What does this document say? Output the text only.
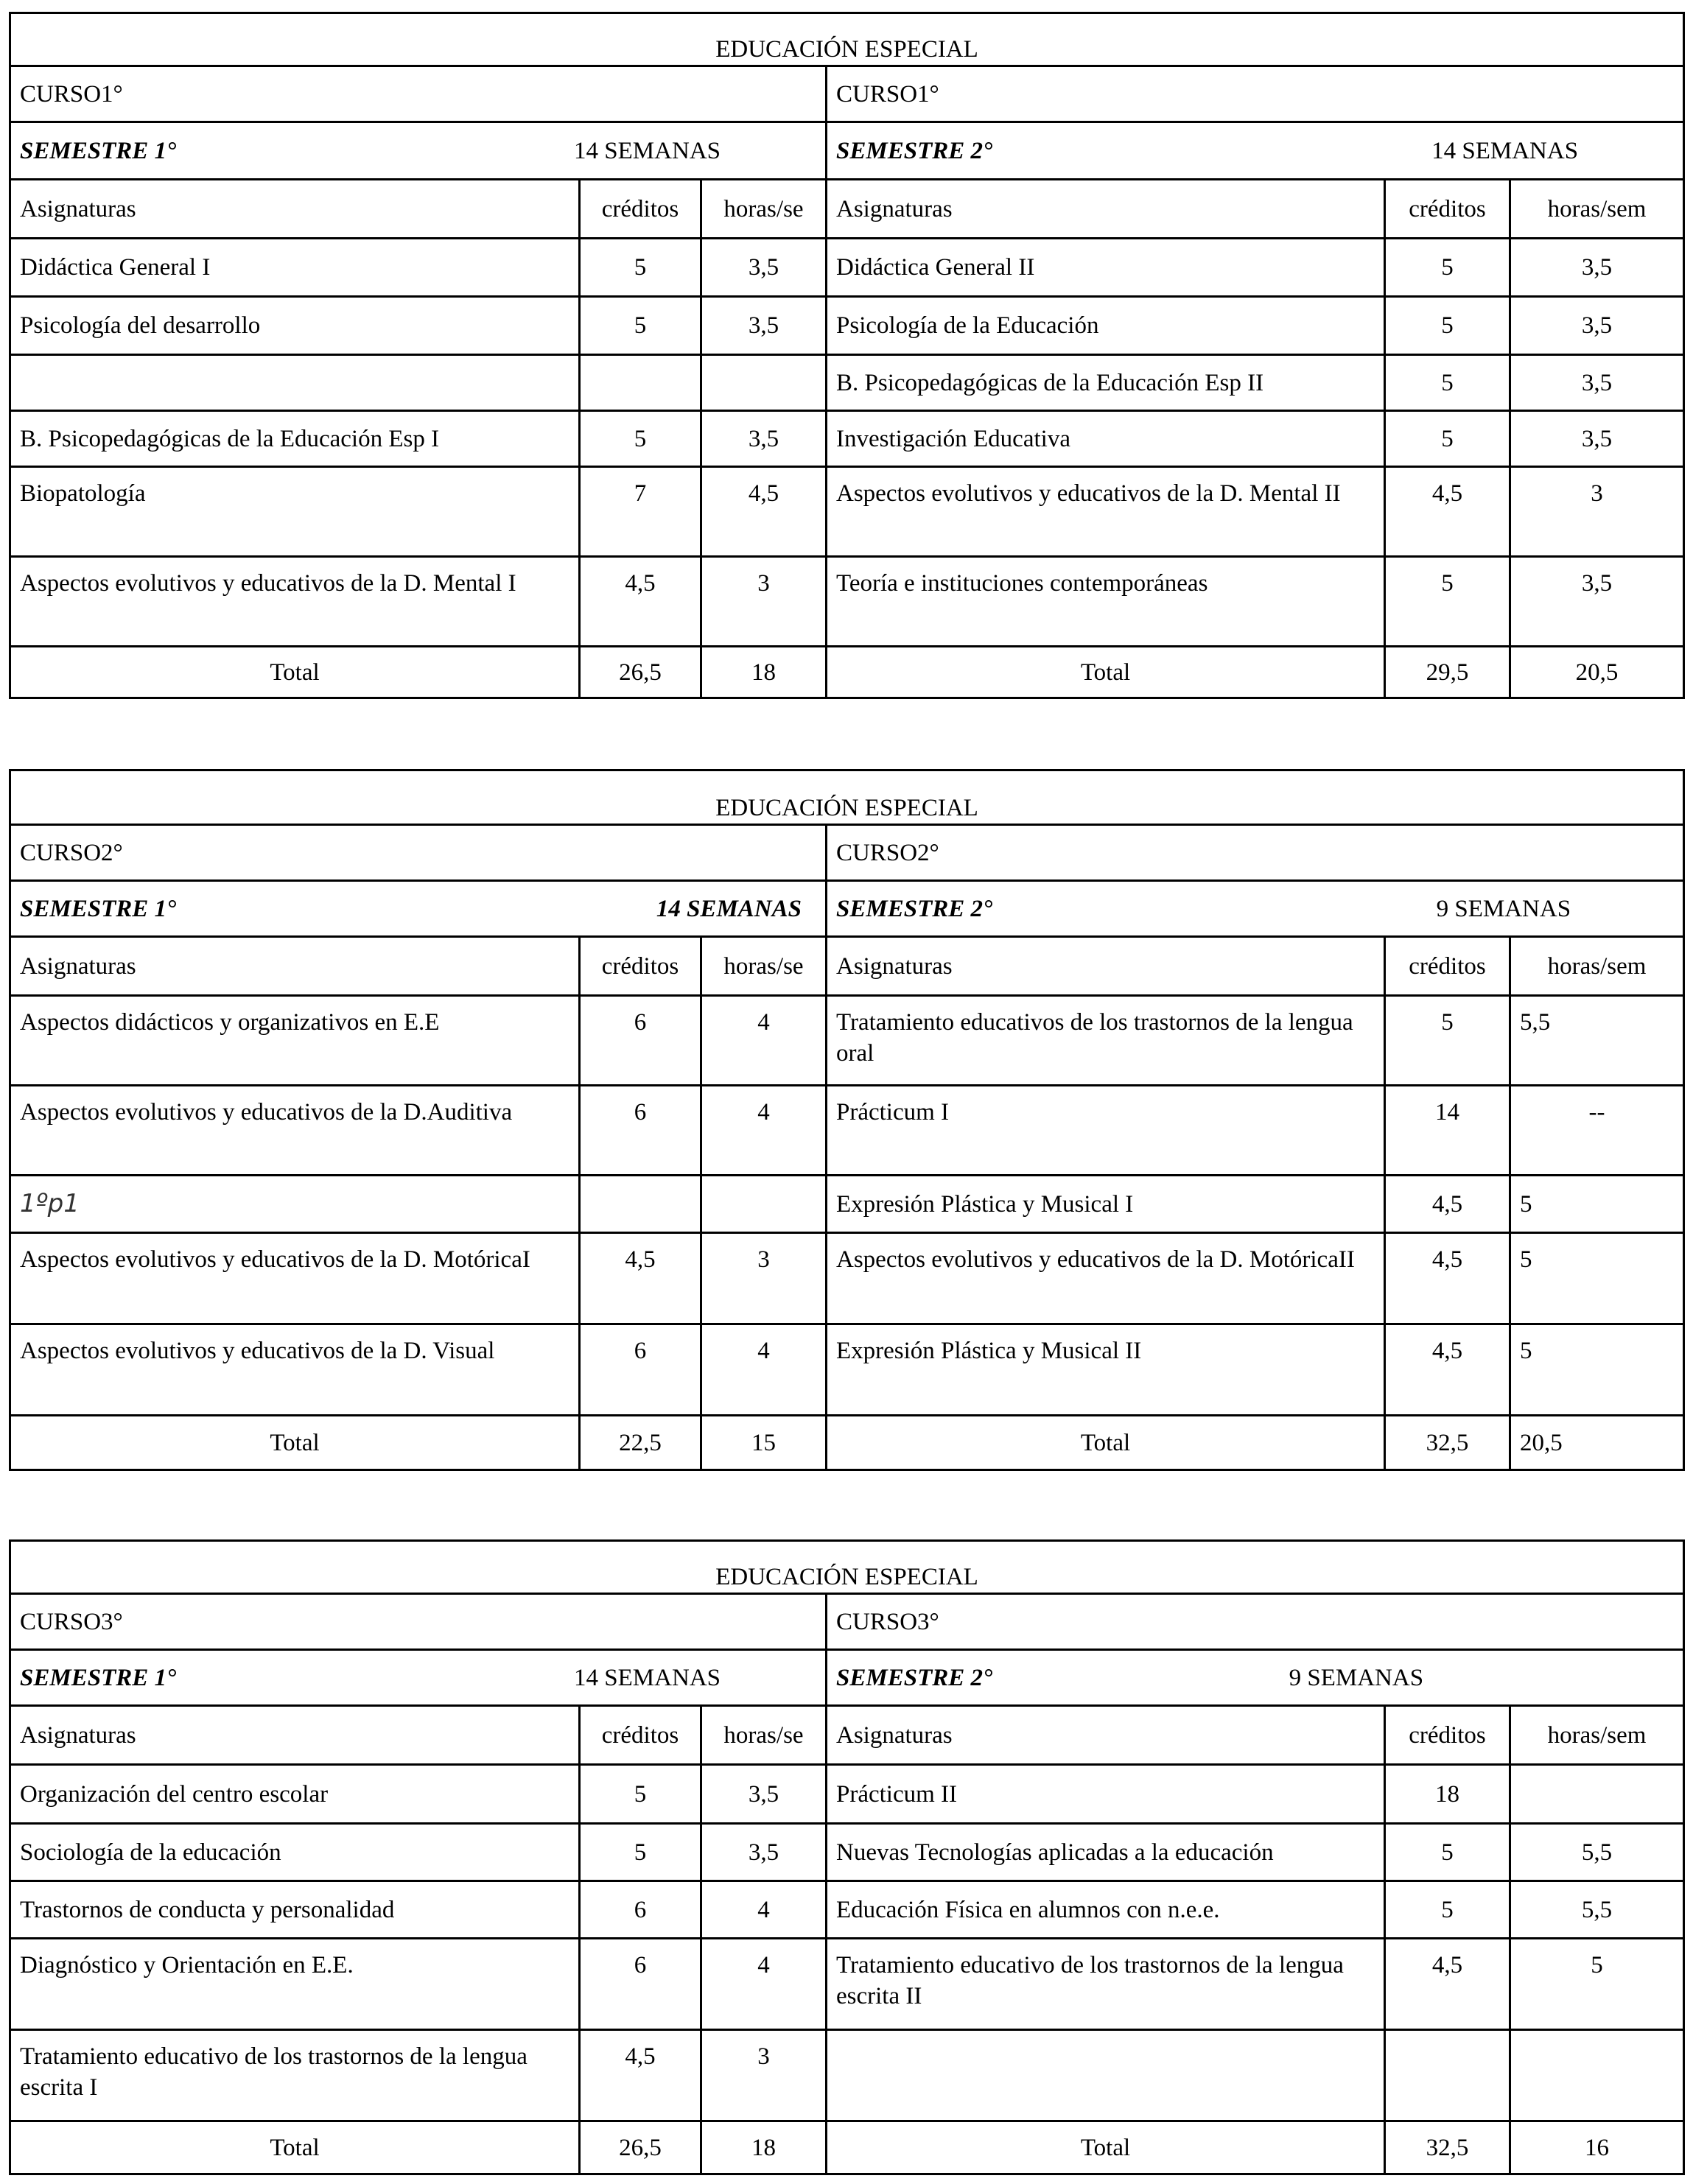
EDUCACIÓN ESPECIAL					
CURSO1°			CURSO1°		

SEMESTRE 1° 14 SEMANAS			SEMESTRE 2° 14 SEMANAS		

Asignaturas	créditos	horas/se	Asignaturas	créditos	horas/sem
Didáctica General I	5	3,5	Didáctica General II	5	3,5
Psicología del desarrollo	5	3,5	Psicología de la Educación	5	3,5
			B. Psicopedagógicas de la Educación Esp II	5	3,5
B. Psicopedagógicas de la Educación Esp I	5	3,5	Investigación Educativa	5	3,5
Biopatología	7	4,5	Aspectos evolutivos y educativos de la D. Mental II	4,5	3
Aspectos evolutivos y educativos de la D. Mental I	4,5	3	Teoría e instituciones contemporáneas	5	3,5
Total	26,5	18	Total	29,5	20,5
EDUCACIÓN ESPECIAL					
CURSO2°			CURSO2°		

SEMESTRE 1° 14 SEMANAS			SEMESTRE 2° 9 SEMANAS		

Asignaturas	créditos	horas/se	Asignaturas	créditos	horas/sem
Aspectos didácticos y organizativos en E.E	6	4	Tratamiento educativos de los trastornos de la lengua oral	5	5,5
Aspectos evolutivos y educativos de la D.Auditiva	6	4	Prácticum I	14	--
1ºp1			Expresión Plástica y Musical I	4,5	5
Aspectos evolutivos y educativos de la D. MotóricaI	4,5	3	Aspectos evolutivos y educativos de la D. MotóricaII	4,5	5
Aspectos evolutivos y educativos de la D. Visual	6	4	Expresión Plástica y Musical II	4,5	5
Total	22,5	15	Total	32,5	20,5
EDUCACIÓN ESPECIAL					
CURSO3°			CURSO3°		

SEMESTRE 1° 14 SEMANAS			SEMESTRE 2° 9 SEMANAS		

Asignaturas	créditos	horas/se	Asignaturas	créditos	horas/sem
Organización del centro escolar	5	3,5	Prácticum II	18	
Sociología de la educación	5	3,5	Nuevas Tecnologías aplicadas a la educación	5	5,5
Trastornos de conducta y personalidad	6	4	Educación Física en alumnos con n.e.e.	5	5,5
Diagnóstico y Orientación en E.E.	6	4	Tratamiento educativo de los trastornos de la lengua escrita II	4,5	5
Tratamiento educativo de los trastornos de la lengua escrita I	4,5	3			
Total	26,5	18	Total	32,5	16
